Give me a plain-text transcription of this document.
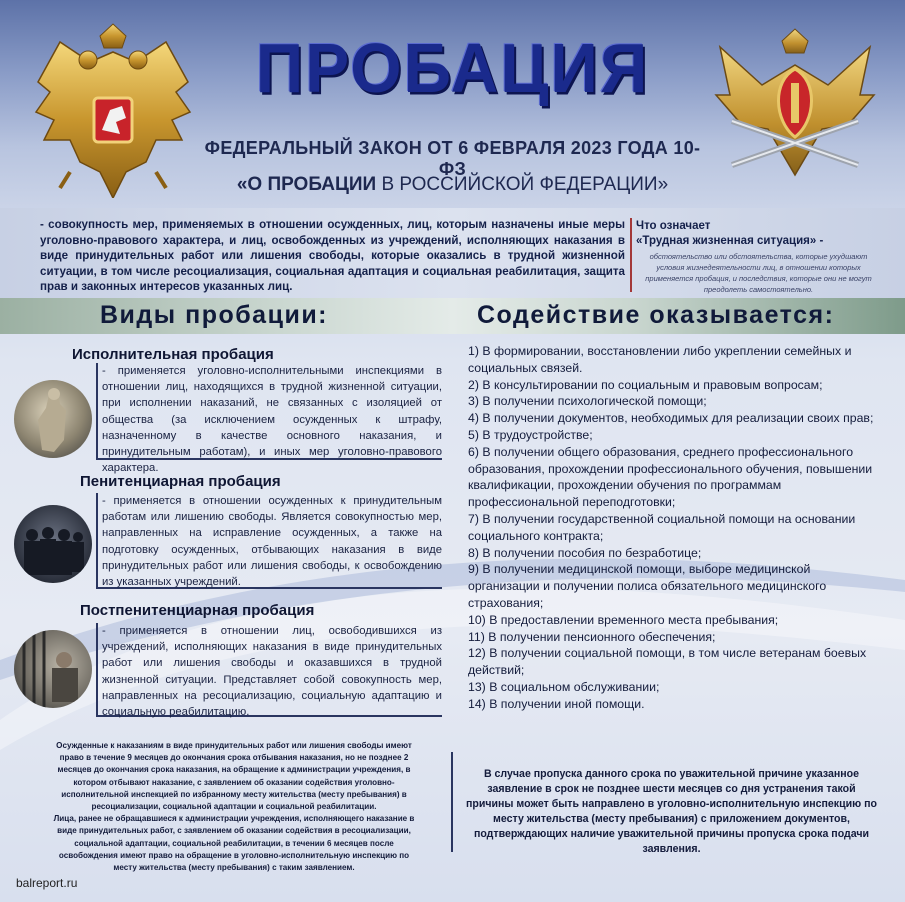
ПРОБАЦИЯ
ФЕДЕРАЛЬНЫЙ ЗАКОН ОТ 6 ФЕВРАЛЯ 2023 ГОДА 10-ФЗ
«О ПРОБАЦИИ В РОССИЙСКОЙ ФЕДЕРАЦИИ»
- совокупность мер, применяемых в отношении осужденных, лиц, которым назначены иные меры уголовно-правового характера, и лиц, освобожденных из учреждений, исполняющих наказания в виде принудительных работ или лишения свободы, которые оказались в трудной жизненной ситуации, в том числе ресоциализация, социальная адаптация и социальная реабилитация, защита прав и законных интересов указанных лиц.
Что означает
«Трудная жизненная ситуация» -
обстоятельство или обстоятельства, которые ухудшают условия жизнедеятельности лиц, в отношении которых применяется пробация, и последствия, которые они не могут преодолеть самостоятельно.
Виды пробации:	Содействие оказывается:
Исполнительная пробация
- применяется уголовно-исполнительными инспекциями в отношении лиц, находящихся в трудной жизненной ситуации, при исполнении наказаний, не связанных с изоляцией от общества (за исключением осужденных к штрафу, назначенному в качестве основного наказания, и принудительным работам), и иных мер уголовно-правового характера.
Пенитенциарная пробация
- применяется в отношении осужденных к принудительным работам или лишению свободы. Является совокупностью мер, направленных на исправление осужденных, а также на подготовку осужденных, отбывающих наказания в виде принудительных работ или лишения свободы, к освобождению из указанных учреждений.
Постпенитенциарная пробация
- применяется в отношении лиц, освободившихся из учреждений, исполняющих наказания в виде принудительных работ или лишения свободы и оказавшихся в трудной жизненной ситуации. Представляет собой совокупность мер, направленных на ресоциализацию, социальную адаптацию и социальную реабилитацию.
1) В формировании, восстановлении либо укреплении семейных и социальных связей.
2) В консультировании по социальным и правовым вопросам;
3) В получении психологической помощи;
4) В получении документов, необходимых для реализации своих прав;
5) В трудоустройстве;
6) В получении общего образования, среднего профессионального образования, прохождении профессионального обучения, повышении квалификации, прохождении обучения по программам профессиональной переподготовки;
7) В получении государственной социальной помощи на основании социального контракта;
8) В получении пособия по безработице;
9) В получении медицинской помощи, выборе медицинской организации и получении полиса обязательного медицинского страхования;
10) В предоставлении временного места пребывания;
11) В получении пенсионного обеспечения;
12) В получении социальной помощи, в том числе ветеранам боевых действий;
13) В социальном обслуживании;
14) В получении иной помощи.
Осужденные к наказаниям в виде принудительных работ или лишения свободы имеют право в течение 9 месяцев до окончания срока отбывания наказания, но не позднее 2 месяцев до окончания срока наказания, на обращение к администрации учреждения, в котором отбывают наказание, с заявлением об оказании содействия уголовно-исполнительной инспекцией по избранному месту жительства (месту пребывания) в ресоциализации, социальной адаптации и социальной реабилитации.
Лица, ранее не обращавшиеся к администрации учреждения, исполняющего наказание в виде принудительных работ, с заявлением об оказании содействия в ресоциализации, социальной адаптации, социальной реабилитации, в течении 6 месяцев после освобождения имеют право на обращение в уголовно-исполнительную инспекцию по месту жительства (месту пребывания) с таким заявлением.
В случае пропуска данного срока по уважительной причине указанное заявление в срок не позднее шести месяцев со дня устранения такой причины может быть направлено в уголовно-исполнительную инспекцию по месту жительства (месту пребывания) с приложением документов, подтверждающих наличие уважительной причины пропуска срока подачи заявления.
balreport.ru
